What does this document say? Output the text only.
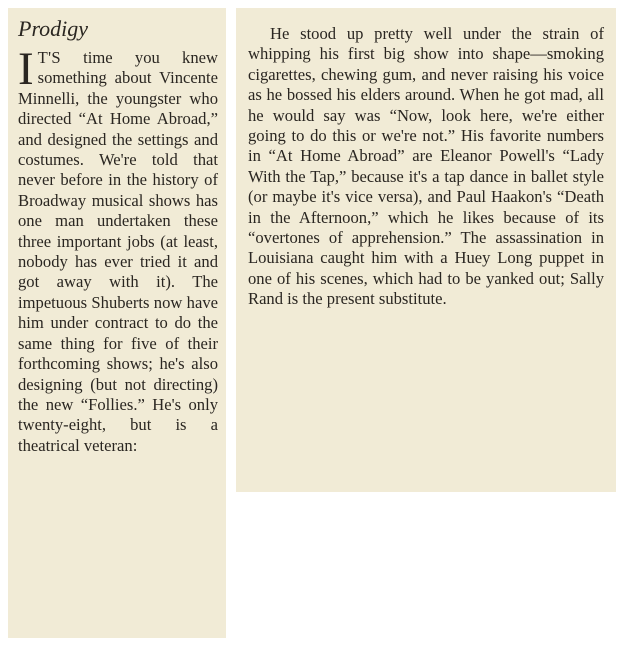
Prodigy

I T'S time you knew something about Vincente Minnelli, the youngster who directed “At Home Abroad,” and designed the settings and costumes. We're told that never before in the history of Broadway musical shows has one man undertaken these three important jobs (at least, nobody has ever tried it and got away with it). The impetuous Shuberts now have him under contract to do the same thing for five of their forthcoming shows; he's also designing (but not directing) the new “Follies.” He's only twenty-eight, but is a theatrical veteran:

He stood up pretty well under the strain of whipping his first big show into shape—smoking cigarettes, chewing gum, and never raising his voice as he bossed his elders around. When he got mad, all he would say was “Now, look here, we're either going to do this or we're not.” His favorite numbers in “At Home Abroad” are Eleanor Powell's “Lady With the Tap,” because it's a tap dance in ballet style (or maybe it's vice versa), and Paul Haakon's “Death in the Afternoon,” which he likes because of its “overtones of apprehension.” The assassination in Louisiana caught him with a Huey Long puppet in one of his scenes, which had to be yanked out; Sally Rand is the present substitute.
